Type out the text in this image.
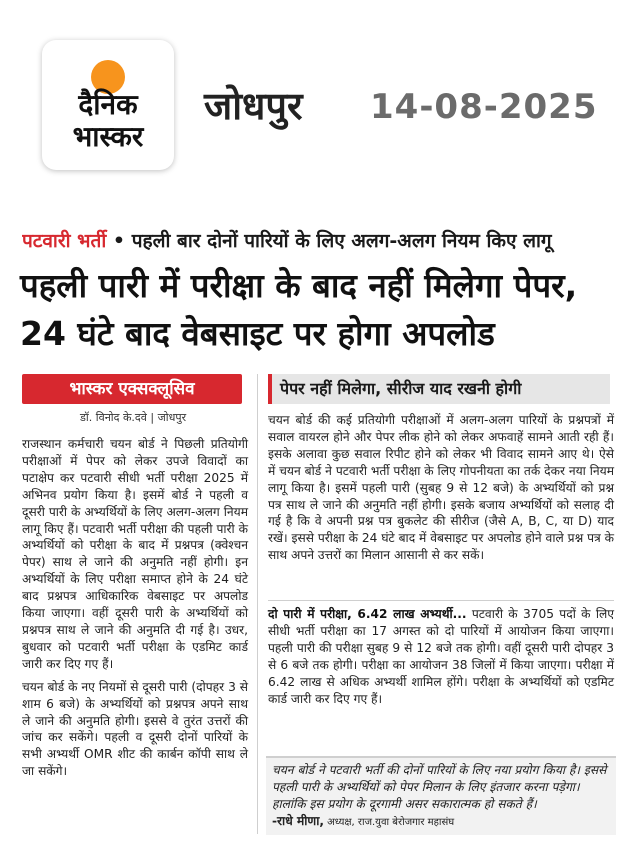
दैनिक
भास्कर
जोधपुर 14-08-2025
पटवारी भर्ती • पहली बार दोनों पारियों के लिए अलग-अलग नियम किए लागू
पहली पारी में परीक्षा के बाद नहीं मिलेगा पेपर, 24 घंटे बाद वेबसाइट पर होगा अपलोड
भास्कर एक्सक्लूसिव	पेपर नहीं मिलेगा, सीरीज याद रखनी होगी
डॉ. विनोद के.दवे | जोधपुर

राजस्थान कर्मचारी चयन बोर्ड ने पिछली प्रतियोगी परीक्षाओं में पेपर को लेकर उपजे विवादों का पटाक्षेप कर पटवारी सीधी भर्ती परीक्षा 2025 में अभिनव प्रयोग किया है। इसमें बोर्ड ने पहली व दूसरी पारी के अभ्यर्थियों के लिए अलग-अलग नियम लागू किए हैं। पटवारी भर्ती परीक्षा की पहली पारी के अभ्यर्थियों को परीक्षा के बाद में प्रश्नपत्र (क्वेश्चन पेपर) साथ ले जाने की अनुमति नहीं होगी। इन अभ्यर्थियों के लिए परीक्षा समाप्त होने के 24 घंटे बाद प्रश्नपत्र आधिकारिक वेबसाइट पर अपलोड किया जाएगा। वहीं दूसरी पारी के अभ्यर्थियों को प्रश्नपत्र साथ ले जाने की अनुमति दी गई है। उधर, बुधवार को पटवारी भर्ती परीक्षा के एडमिट कार्ड जारी कर दिए गए हैं।

चयन बोर्ड के नए नियमों से दूसरी पारी (दोपहर 3 से शाम 6 बजे) के अभ्यर्थियों को प्रश्नपत्र अपने साथ ले जाने की अनुमति होगी। इससे वे तुरंत उत्तरों की जांच कर सकेंगे। पहली व दूसरी दोनों पारियों के सभी अभ्यर्थी OMR शीट की कार्बन कॉपी साथ ले जा सकेंगे।

चयन बोर्ड की कई प्रतियोगी परीक्षाओं में अलग-अलग पारियों के प्रश्नपत्रों में सवाल वायरल होने और पेपर लीक होने को लेकर अफवाहें सामने आती रही हैं। इसके अलावा कुछ सवाल रिपीट होने को लेकर भी विवाद सामने आए थे। ऐसे में चयन बोर्ड ने पटवारी भर्ती परीक्षा के लिए गोपनीयता का तर्क देकर नया नियम लागू किया है। इसमें पहली पारी (सुबह 9 से 12 बजे) के अभ्यर्थियों को प्रश्न पत्र साथ ले जाने की अनुमति नहीं होगी। इसके बजाय अभ्यर्थियों को सलाह दी गई है कि वे अपनी प्रश्न पत्र बुकलेट की सीरीज (जैसे A, B, C, या D) याद रखें। इससे परीक्षा के 24 घंटे बाद में वेबसाइट पर अपलोड होने वाले प्रश्न पत्र के साथ अपने उत्तरों का मिलान आसानी से कर सकें।

दो पारी में परीक्षा, 6.42 लाख अभ्यर्थी... पटवारी के 3705 पदों के लिए सीधी भर्ती परीक्षा का 17 अगस्त को दो पारियों में आयोजन किया जाएगा। पहली पारी की परीक्षा सुबह 9 से 12 बजे तक होगी। वहीं दूसरी पारी दोपहर 3 से 6 बजे तक होगी। परीक्षा का आयोजन 38 जिलों में किया जाएगा। परीक्षा में 6.42 लाख से अधिक अभ्यर्थी शामिल होंगे। परीक्षा के अभ्यर्थियों को एडमिट कार्ड जारी कर दिए गए हैं।
चयन बोर्ड ने पटवारी भर्ती की दोनों पारियों के लिए नया प्रयोग किया है। इससे पहली पारी के अभ्यर्थियों को पेपर मिलान के लिए इंतजार करना पड़ेगा। हालांकि इस प्रयोग के दूरगामी असर सकारात्मक हो सकते हैं।
-राधे मीणा, अध्यक्ष, राज.युवा बेरोजगार महासंघ
